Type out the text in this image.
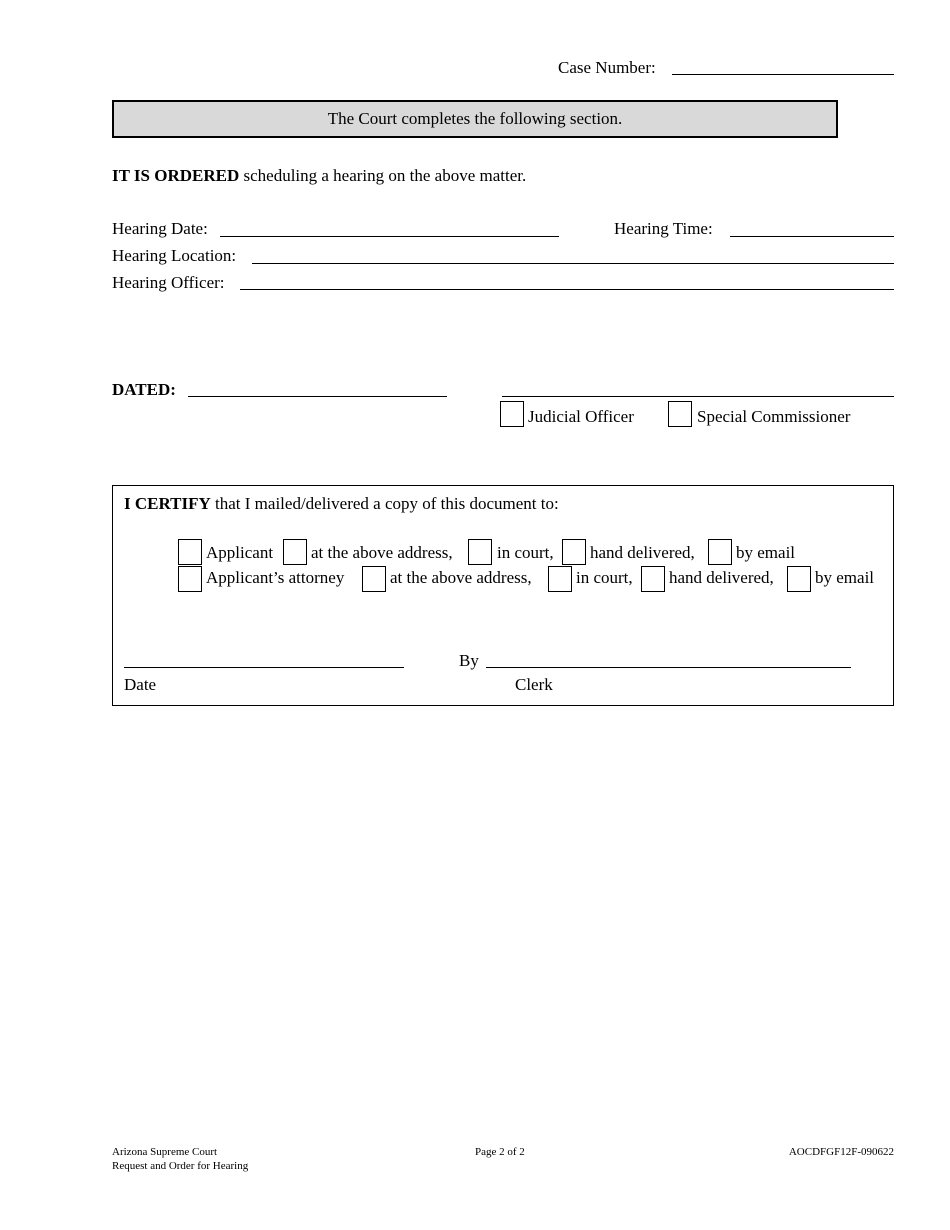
Case Number:
The Court completes the following section.
IT IS ORDERED scheduling a hearing on the above matter.
Hearing Date:	Hearing Time:
Hearing Location:
Hearing Officer:
DATED:
Judicial Officer	Special Commissioner
I CERTIFY that I mailed/delivered a copy of this document to:
Applicant at the above address,	in court, hand delivered, by email
Applicant’s attorney	at the above address,	in court, hand delivered, by email
Date
By
Clerk
Arizona Supreme Court
Request and Order for Hearing
Page 2 of 2	AOCDFGF12F-090622
